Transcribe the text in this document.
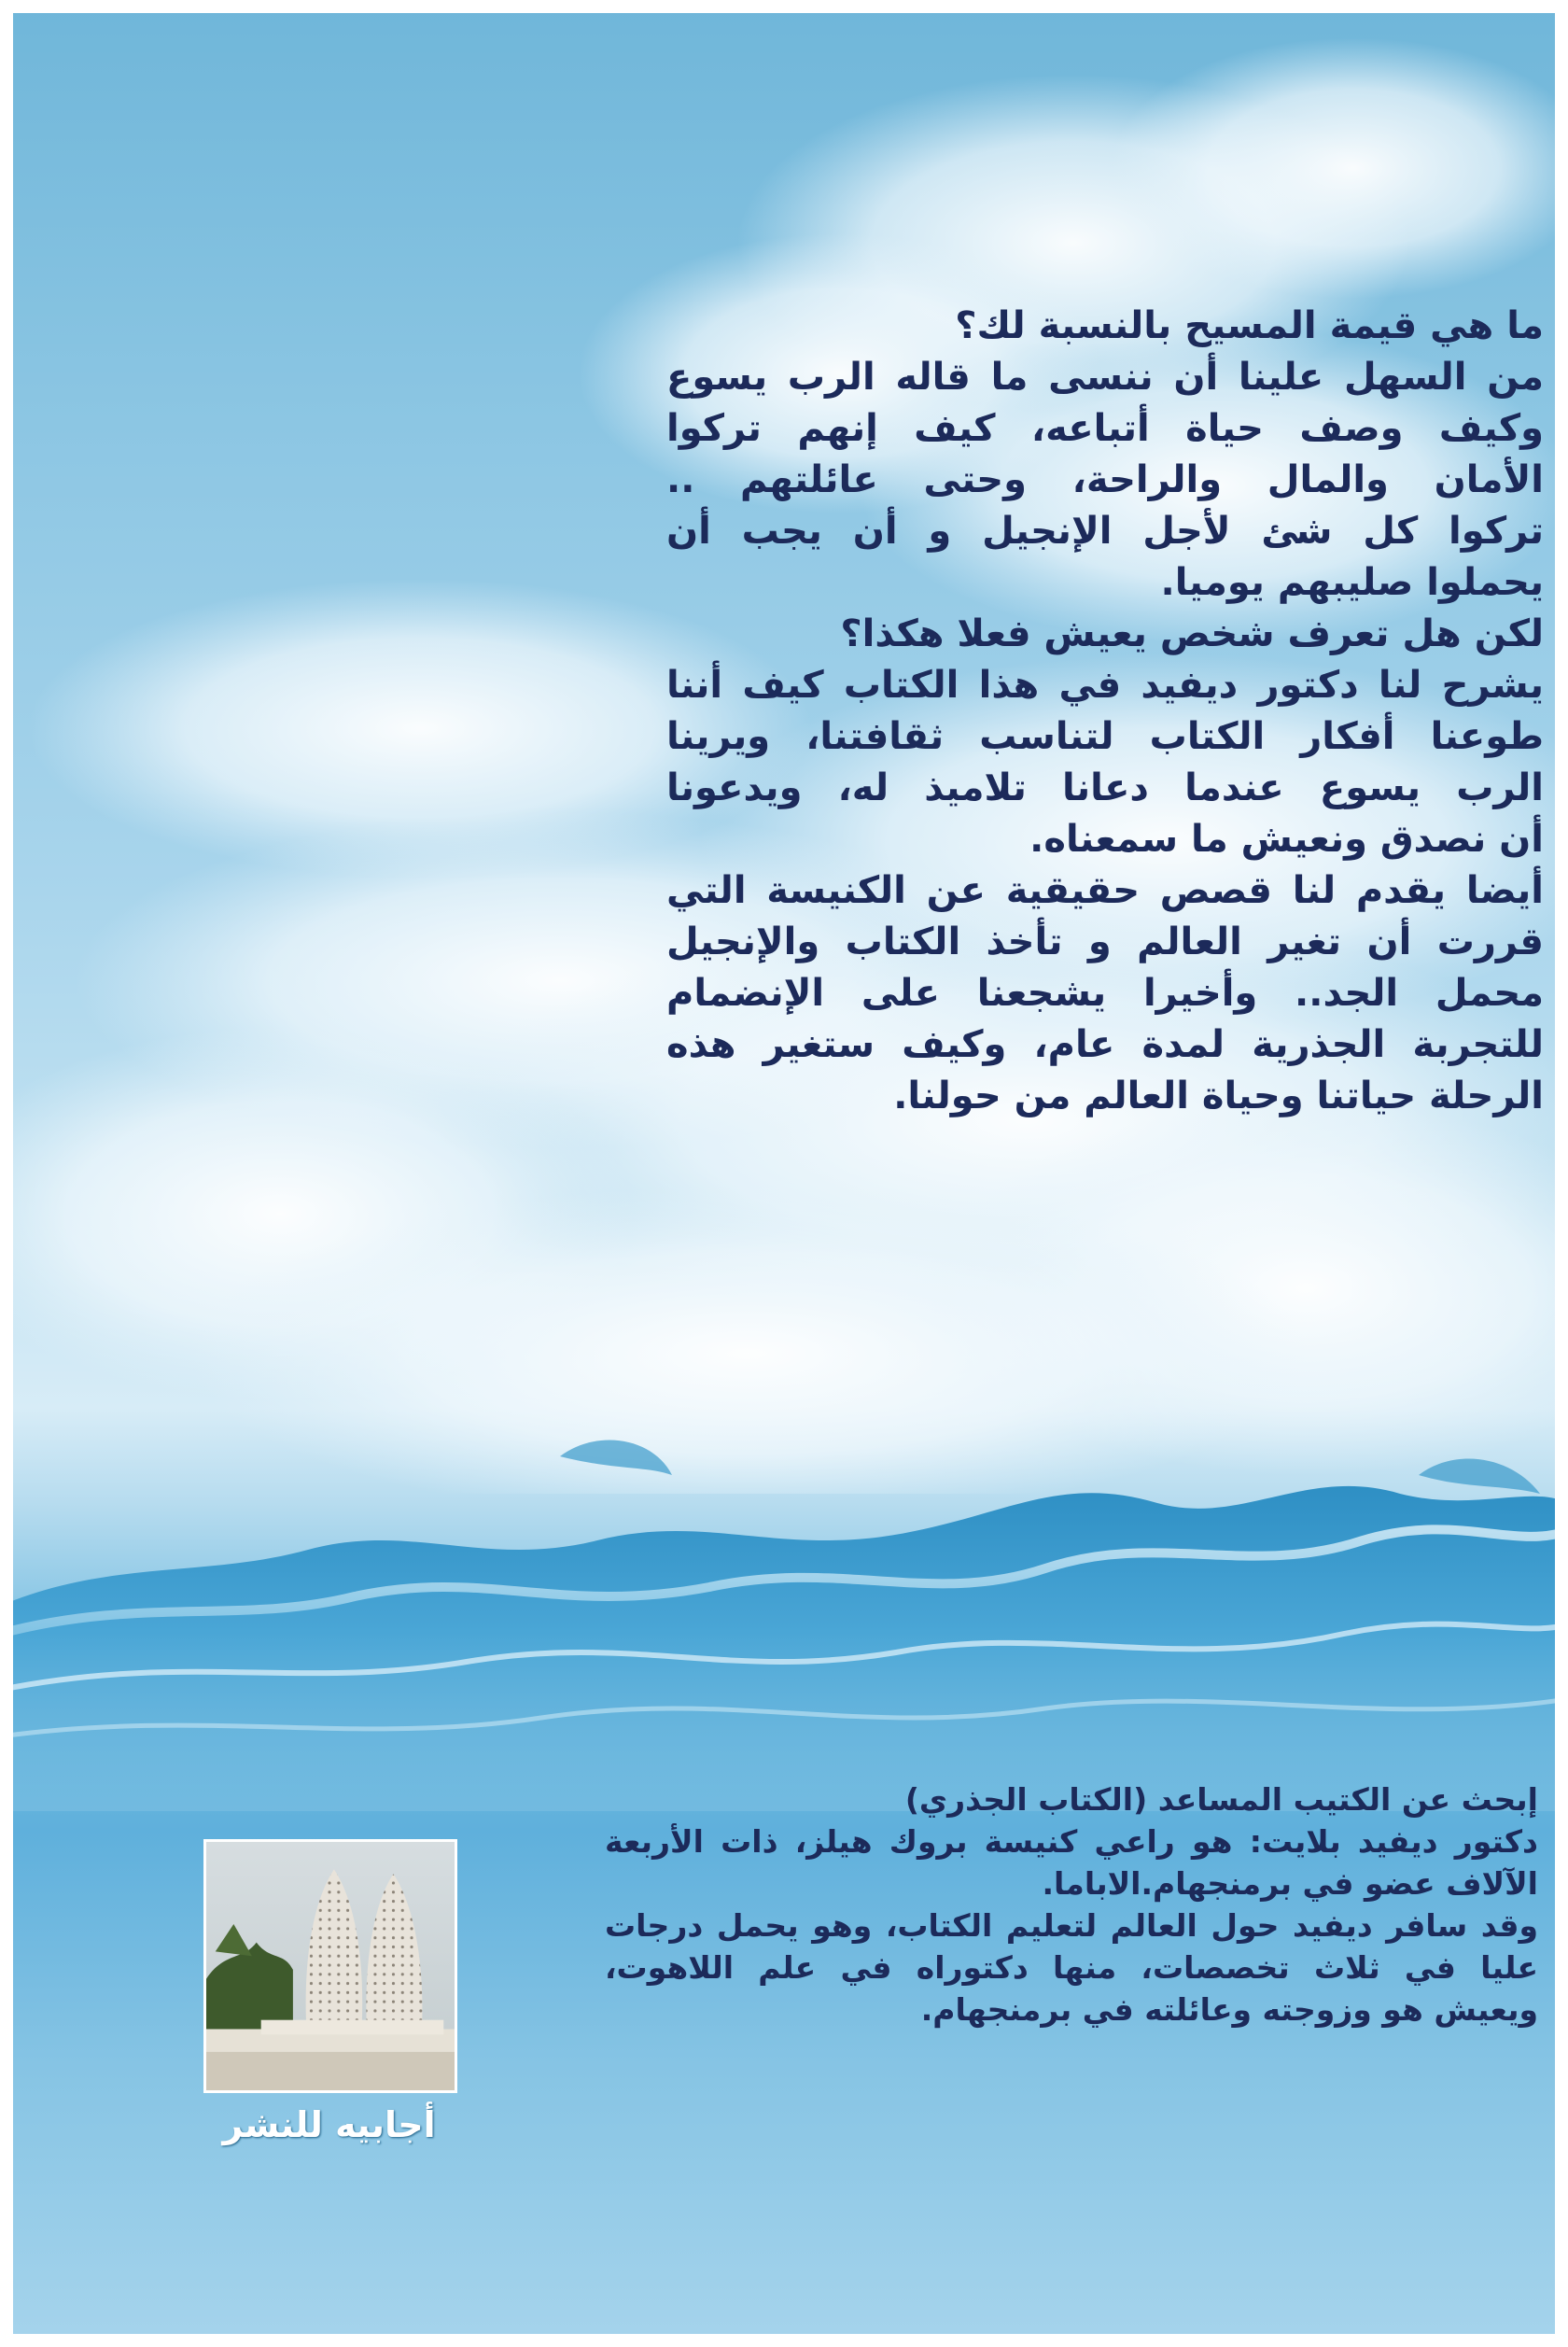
ما هي قيمة المسيح بالنسبة لك؟
من السهل علينا أن ننسى ما قاله الرب يسوع
وكيف وصف حياة أتباعه، كيف إنهم تركوا
الأمان والمال والراحة، وحتى عائلتهم ..
تركوا كل شئ لأجل الإنجيل و أن يجب أن
يحملوا صليبهم يوميا.
لكن هل تعرف شخص يعيش فعلا هكذا؟
يشرح لنا دكتور ديفيد في هذا الكتاب كيف أننا
طوعنا أفكار الكتاب لتناسب ثقافتنا، ويرينا
الرب يسوع عندما دعانا تلاميذ له، ويدعونا
أن نصدق ونعيش ما سمعناه.
أيضا يقدم لنا قصص حقيقية عن الكنيسة التي
قررت أن تغير العالم و تأخذ الكتاب والإنجيل
محمل الجد.. وأخيرا يشجعنا على الإنضمام
للتجربة الجذرية لمدة عام، وكيف ستغير هذه
الرحلة حياتنا وحياة العالم من حولنا.
إبحث عن الكتيب المساعد (الكتاب الجذري)
دكتور ديفيد بلايت: هو راعي كنيسة بروك هيلز، ذات الأربعة
الآلاف عضو في برمنجهام.الاباما.
وقد سافر ديفيد حول العالم لتعليم الكتاب، وهو يحمل درجات
عليا في ثلاث تخصصات، منها دكتوراه في علم اللاهوت،
ويعيش هو وزوجته وعائلته في برمنجهام.
أجابيه للنشر
